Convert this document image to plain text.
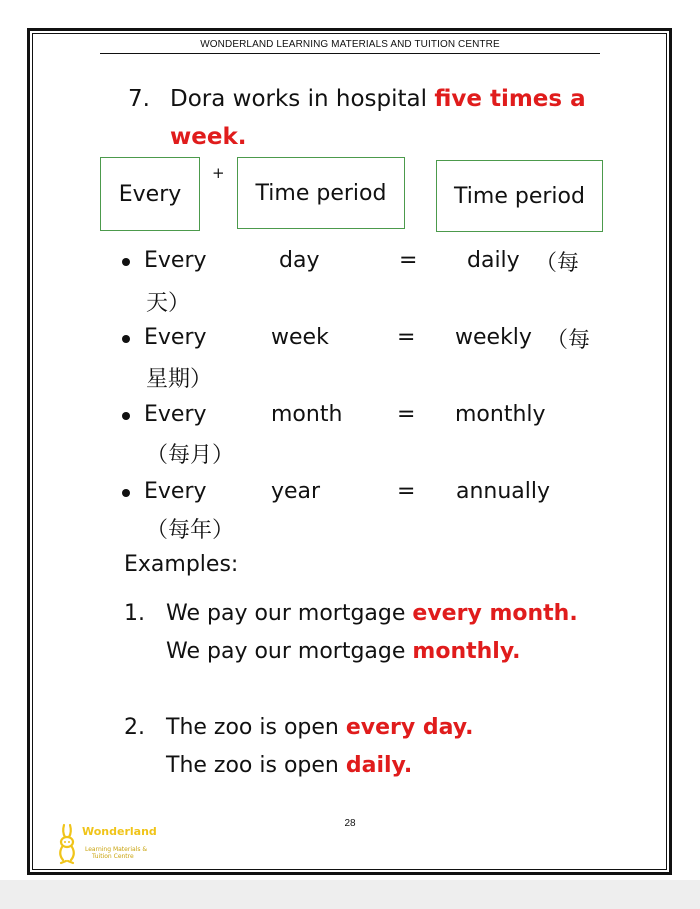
WONDERLAND LEARNING MATERIALS AND TUITION CENTRE
7. Dora works in hospital five times a
week.
Every
+
Time period	Time period
Every	day	= daily （每
天）
Every	week	= weekly （每
星期）
Every	month = monthly
（每月）
Every	year	= annually
（每年）
Examples:
1. We pay our mortgage every month.
We pay our mortgage monthly.
2. The zoo is open every day.
The zoo is open daily.
28
Wonderland
Learning Materials &
Tuition Centre
